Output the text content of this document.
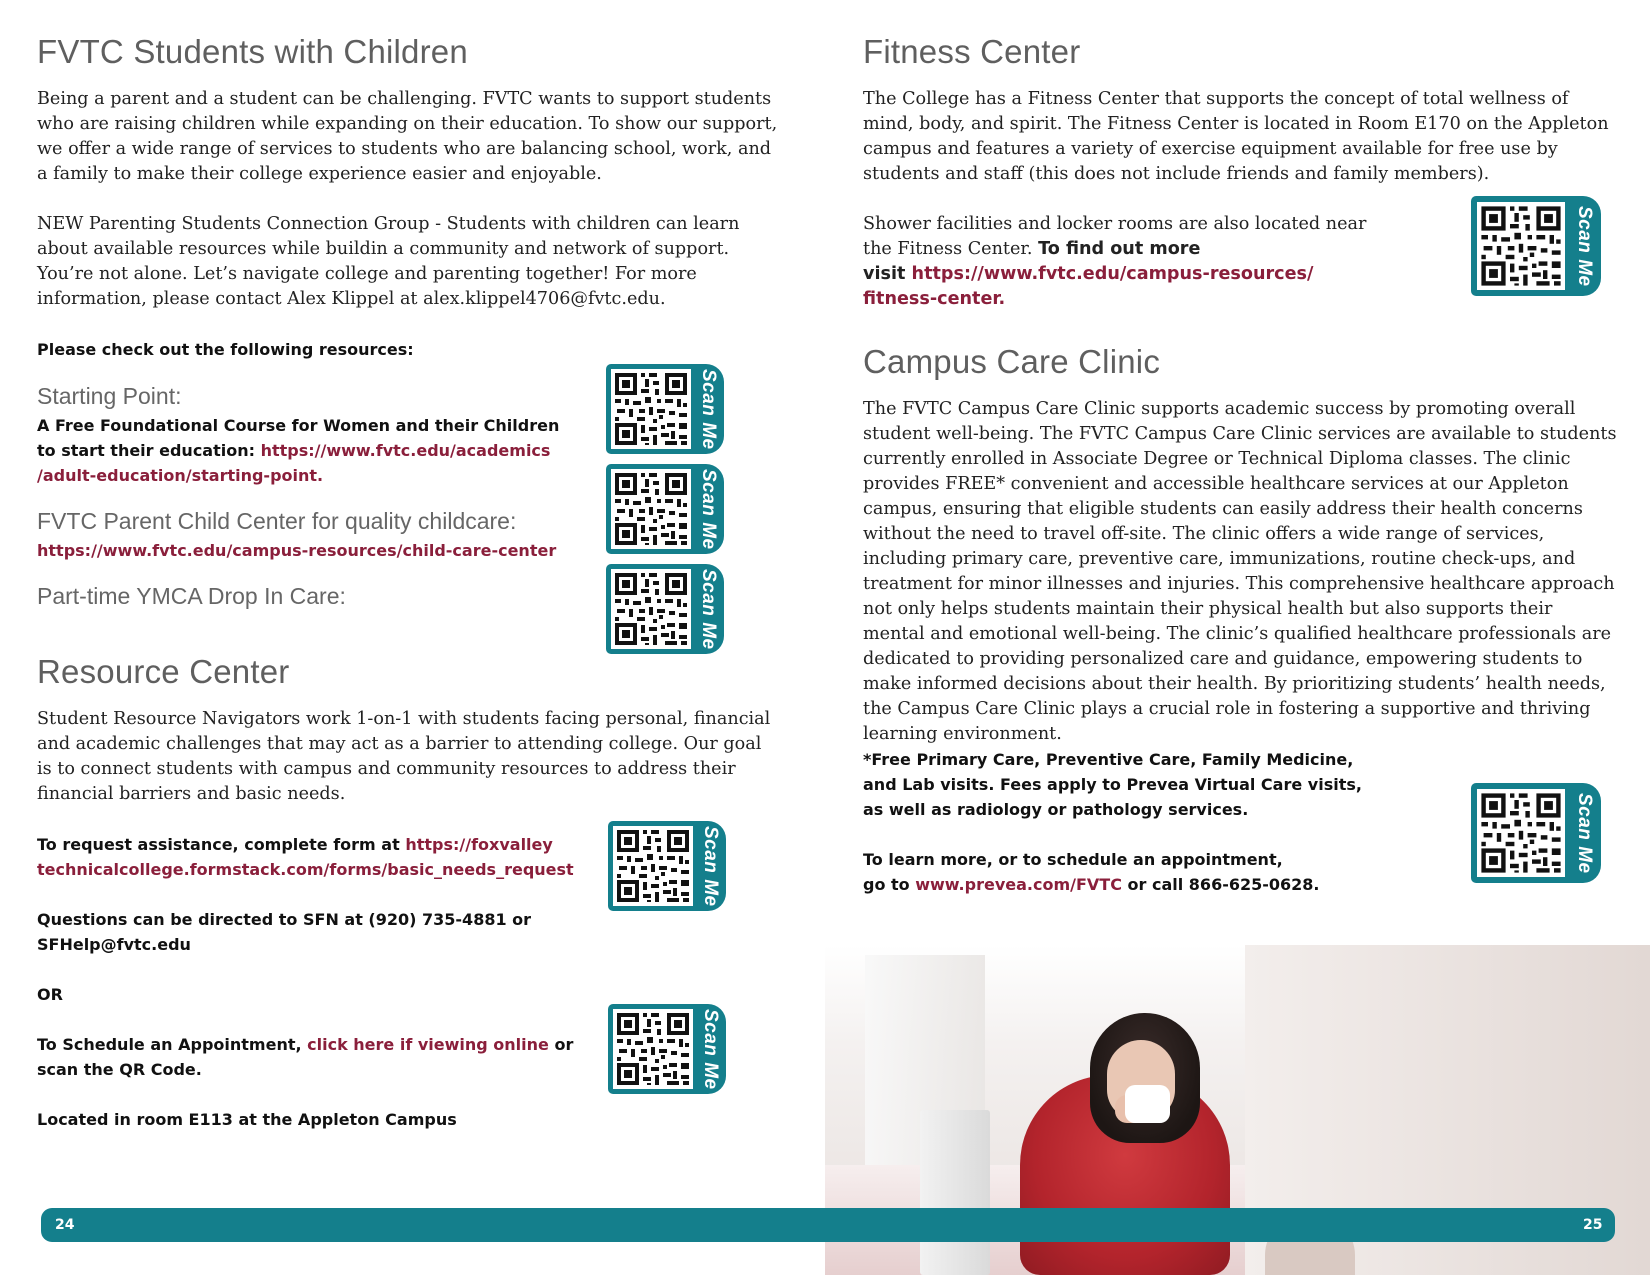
FVTC Students with Children

Being a parent and a student can be challenging. FVTC wants to support students who are raising children while expanding on their education. To show our support, we offer a wide range of services to students who are balancing school, work, and a family to make their college experience easier and enjoyable.

NEW Parenting Students Connection Group - Students with children can learn about available resources while buildin a community and network of support. You’re not alone. Let’s navigate college and parenting together! For more information, please contact Alex Klippel at alex.klippel4706@fvtc.edu.

Please check out the following resources:

Starting Point:

A Free Foundational Course for Women and their Children
to start their education: https://www.fvtc.edu/academics
/adult-education/starting-point.

FVTC Parent Child Center for quality childcare:

https://www.fvtc.edu/campus-resources/child-care-center

Part-time YMCA Drop In Care:
Scan Me
Scan Me
Scan Me
Resource Center

Student Resource Navigators work 1-on-1 with students facing personal, financial and academic challenges that may act as a barrier to attending college. Our goal is to connect students with campus and community resources to address their financial barriers and basic needs.

To request assistance, complete form at https://foxvalley
technicalcollege.formstack.com/forms/basic_needs_request

Questions can be directed to SFN at (920) 735-4881 or
SFHelp@fvtc.edu

OR

To Schedule an Appointment, click here if viewing online or
scan the QR Code.

Located in room E113 at the Appleton Campus

Scan Me
Scan Me
Fitness Center

The College has a Fitness Center that supports the concept of total wellness of mind, body, and spirit. The Fitness Center is located in Room E170 on the Appleton campus and features a variety of exercise equipment available for free use by students and staff (this does not include friends and family members).

Shower facilities and locker rooms are also located near
the Fitness Center. To find out more
visit https://www.fvtc.edu/campus-resources/
fitness-center.

Scan Me
Campus Care Clinic

The FVTC Campus Care Clinic supports academic success by promoting overall student well-being. The FVTC Campus Care Clinic services are available to students currently enrolled in Associate Degree or Technical Diploma classes. The clinic provides FREE* convenient and accessible healthcare services at our Appleton campus, ensuring that eligible students can easily address their health concerns without the need to travel off-site. The clinic offers a wide range of services, including primary care, preventive care, immunizations, routine check-ups, and treatment for minor illnesses and injuries. This comprehensive healthcare approach not only helps students maintain their physical health but also supports their mental and emotional well-being. The clinic’s qualified healthcare professionals are dedicated to providing personalized care and guidance, empowering students to make informed decisions about their health. By prioritizing students’ health needs, the Campus Care Clinic plays a crucial role in fostering a supportive and thriving learning environment.

*Free Primary Care, Preventive Care, Family Medicine,
and Lab visits. Fees apply to Prevea Virtual Care visits,
as well as radiology or pathology services.

To learn more, or to schedule an appointment,
go to www.prevea.com/FVTC or call 866-625-0628.

Scan Me
24	25
